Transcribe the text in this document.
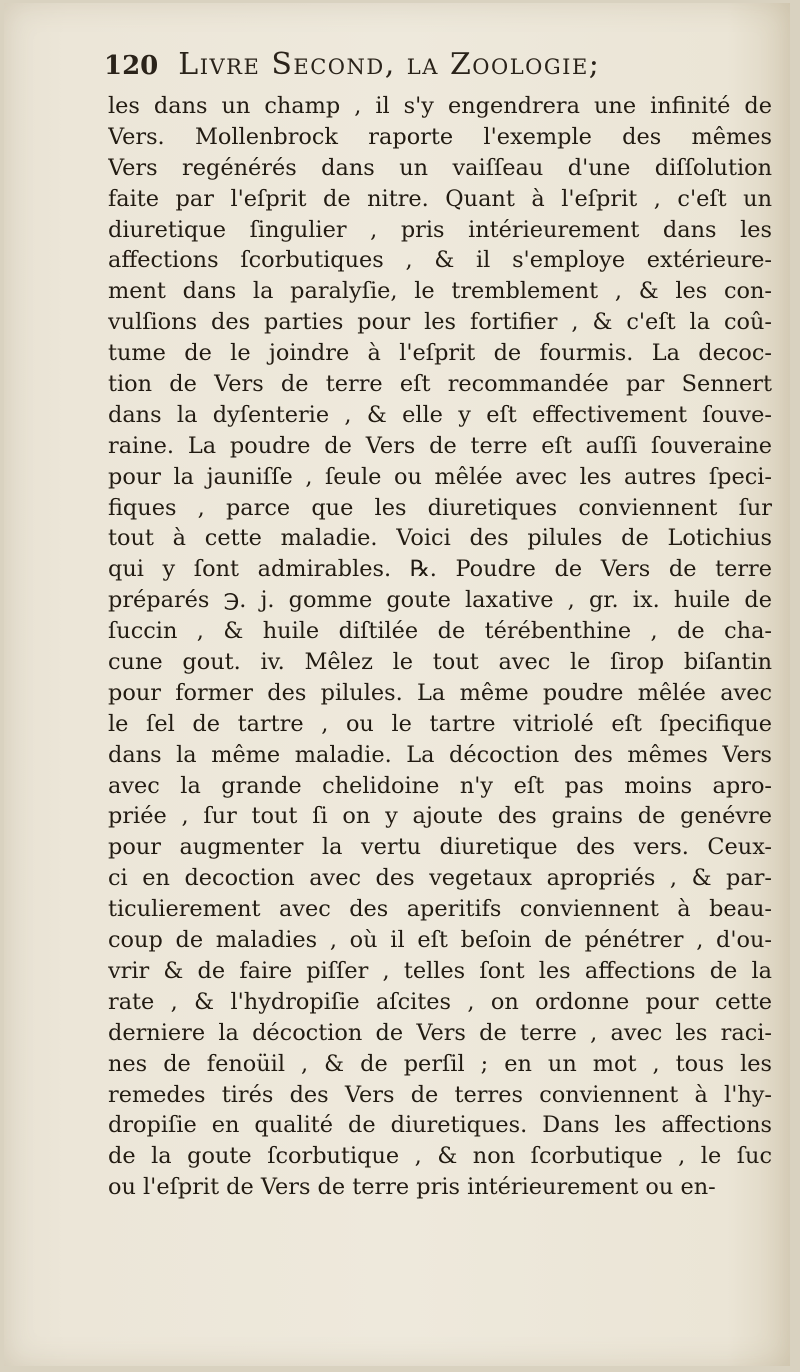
120 Livre Second, la Zoologie;
les dans un champ , il s'y engendrera une infinité de
Vers. Mollenbrock raporte l'exemple des mêmes
Vers regénérés dans un vaiſſeau d'une diſſolution
faite par l'eſprit de nitre. Quant à l'eſprit , c'eſt un
diuretique ſingulier , pris intérieurement dans les
affections ſcorbutiques , & il s'employe extérieure-
ment dans la paralyſie, le tremblement , & les con-
vulſions des parties pour les fortifier , & c'eſt la coû-
tume de le joindre à l'eſprit de fourmis. La decoc-
tion de Vers de terre eſt recommandée par Sennert
dans la dyſenterie , & elle y eſt effectivement ſouve-
raine. La poudre de Vers de terre eſt auſſi ſouveraine
pour la jauniſſe , ſeule ou mêlée avec les autres ſpeci-
fiques , parce que les diuretiques conviennent ſur
tout à cette maladie. Voici des pilules de Lotichius
qui y ſont admirables. ℞. Poudre de Vers de terre
préparés ℈. j. gomme goute laxative , gr. ix. huile de
ſuccin , & huile diſtilée de térébenthine , de cha-
cune gout. iv. Mêlez le tout avec le ſirop biſantin
pour former des pilules. La même poudre mêlée avec
le ſel de tartre , ou le tartre vitriolé eſt ſpecifique
dans la même maladie. La décoction des mêmes Vers
avec la grande chelidoine n'y eſt pas moins apro-
priée , ſur tout ſi on y ajoute des grains de genévre
pour augmenter la vertu diuretique des vers. Ceux-
ci en decoction avec des vegetaux apropriés , & par-
ticulierement avec des aperitifs conviennent à beau-
coup de maladies , où il eſt beſoin de pénétrer , d'ou-
vrir & de faire piſſer , telles ſont les affections de la
rate , & l'hydropiſie aſcites , on ordonne pour cette
derniere la décoction de Vers de terre , avec les raci-
nes de fenoüil , & de perſil ; en un mot , tous les
remedes tirés des Vers de terres conviennent à l'hy-
dropiſie en qualité de diuretiques. Dans les affections
de la goute ſcorbutique , & non ſcorbutique , le ſuc
ou l'eſprit de Vers de terre pris intérieurement ou en-
